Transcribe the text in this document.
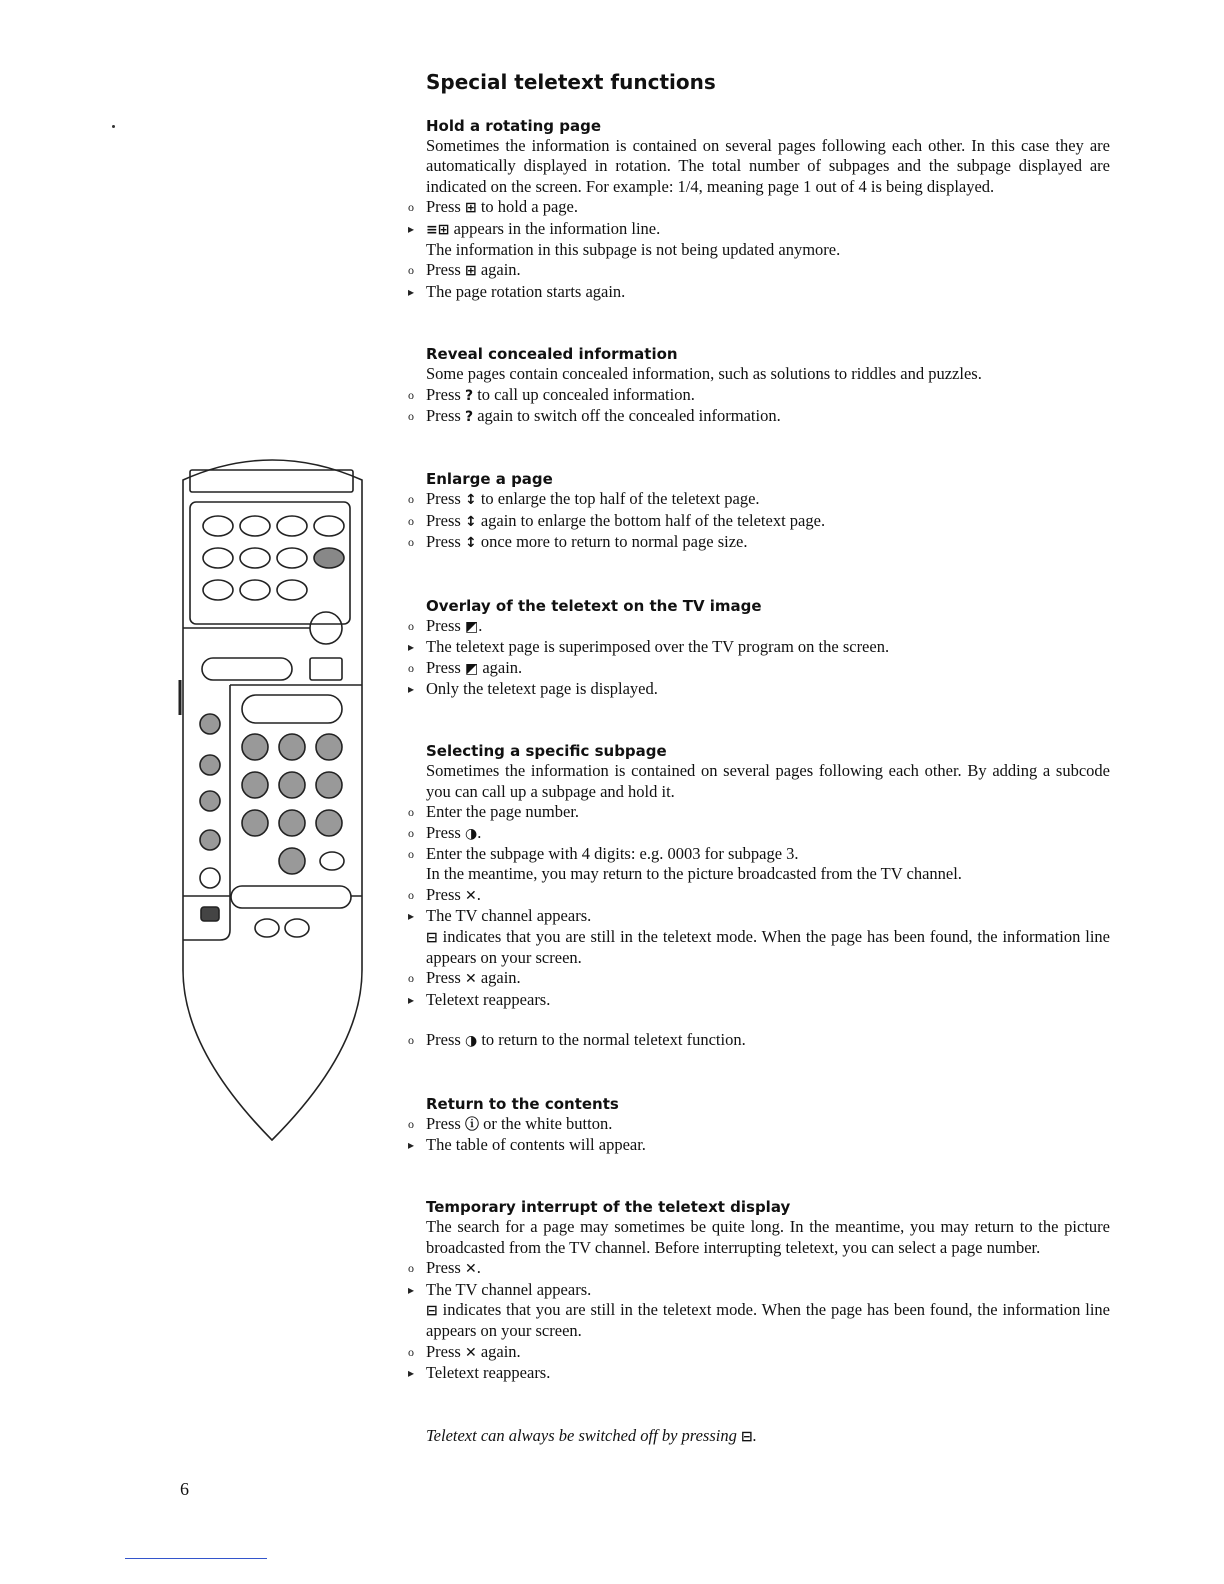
Special teletext functions
Hold a rotating page
Sometimes the information is contained on several pages following each other. In this case they are automatically displayed in rotation. The total number of subpages and the subpage displayed are indicated on the screen. For example: 1/4, meaning page 1 out of 4 is being displayed.
o Press ⊞ to hold a page.
▸ ≡⊞ appears in the information line.
The information in this subpage is not being updated anymore.
o Press ⊞ again.
▸ The page rotation starts again.
Reveal concealed information
Some pages contain concealed information, such as solutions to riddles and puzzles.
o Press ? to call up concealed information.
o Press ? again to switch off the concealed information.
Enlarge a page
o Press ↕ to enlarge the top half of the teletext page.
o Press ↕ again to enlarge the bottom half of the teletext page.
o Press ↕ once more to return to normal page size.
Overlay of the teletext on the TV image
o Press ◩.
▸ The teletext page is superimposed over the TV program on the screen.
o Press ◩ again.
▸ Only the teletext page is displayed.
Selecting a specific subpage
Sometimes the information is contained on several pages following each other. By adding a subcode you can call up a subpage and hold it.
o Enter the page number.
o Press ◑.
o Enter the subpage with 4 digits: e.g. 0003 for subpage 3.
In the meantime, you may return to the picture broadcasted from the TV channel.
o Press ✕.
▸ The TV channel appears.
⊟ indicates that you are still in the teletext mode. When the page has been found, the information line appears on your screen.
o Press ✕ again.
▸ Teletext reappears.
o Press ◑ to return to the normal teletext function.
Return to the contents
o Press ⓘ or the white button.
▸ The table of contents will appear.
Temporary interrupt of the teletext display
The search for a page may sometimes be quite long. In the meantime, you may return to the picture broadcasted from the TV channel. Before interrupting teletext, you can select a page number.
o Press ✕.
▸ The TV channel appears.
⊟ indicates that you are still in the teletext mode. When the page has been found, the information line appears on your screen.
o Press ✕ again.
▸ Teletext reappears.
Teletext can always be switched off by pressing ⊟.
6
